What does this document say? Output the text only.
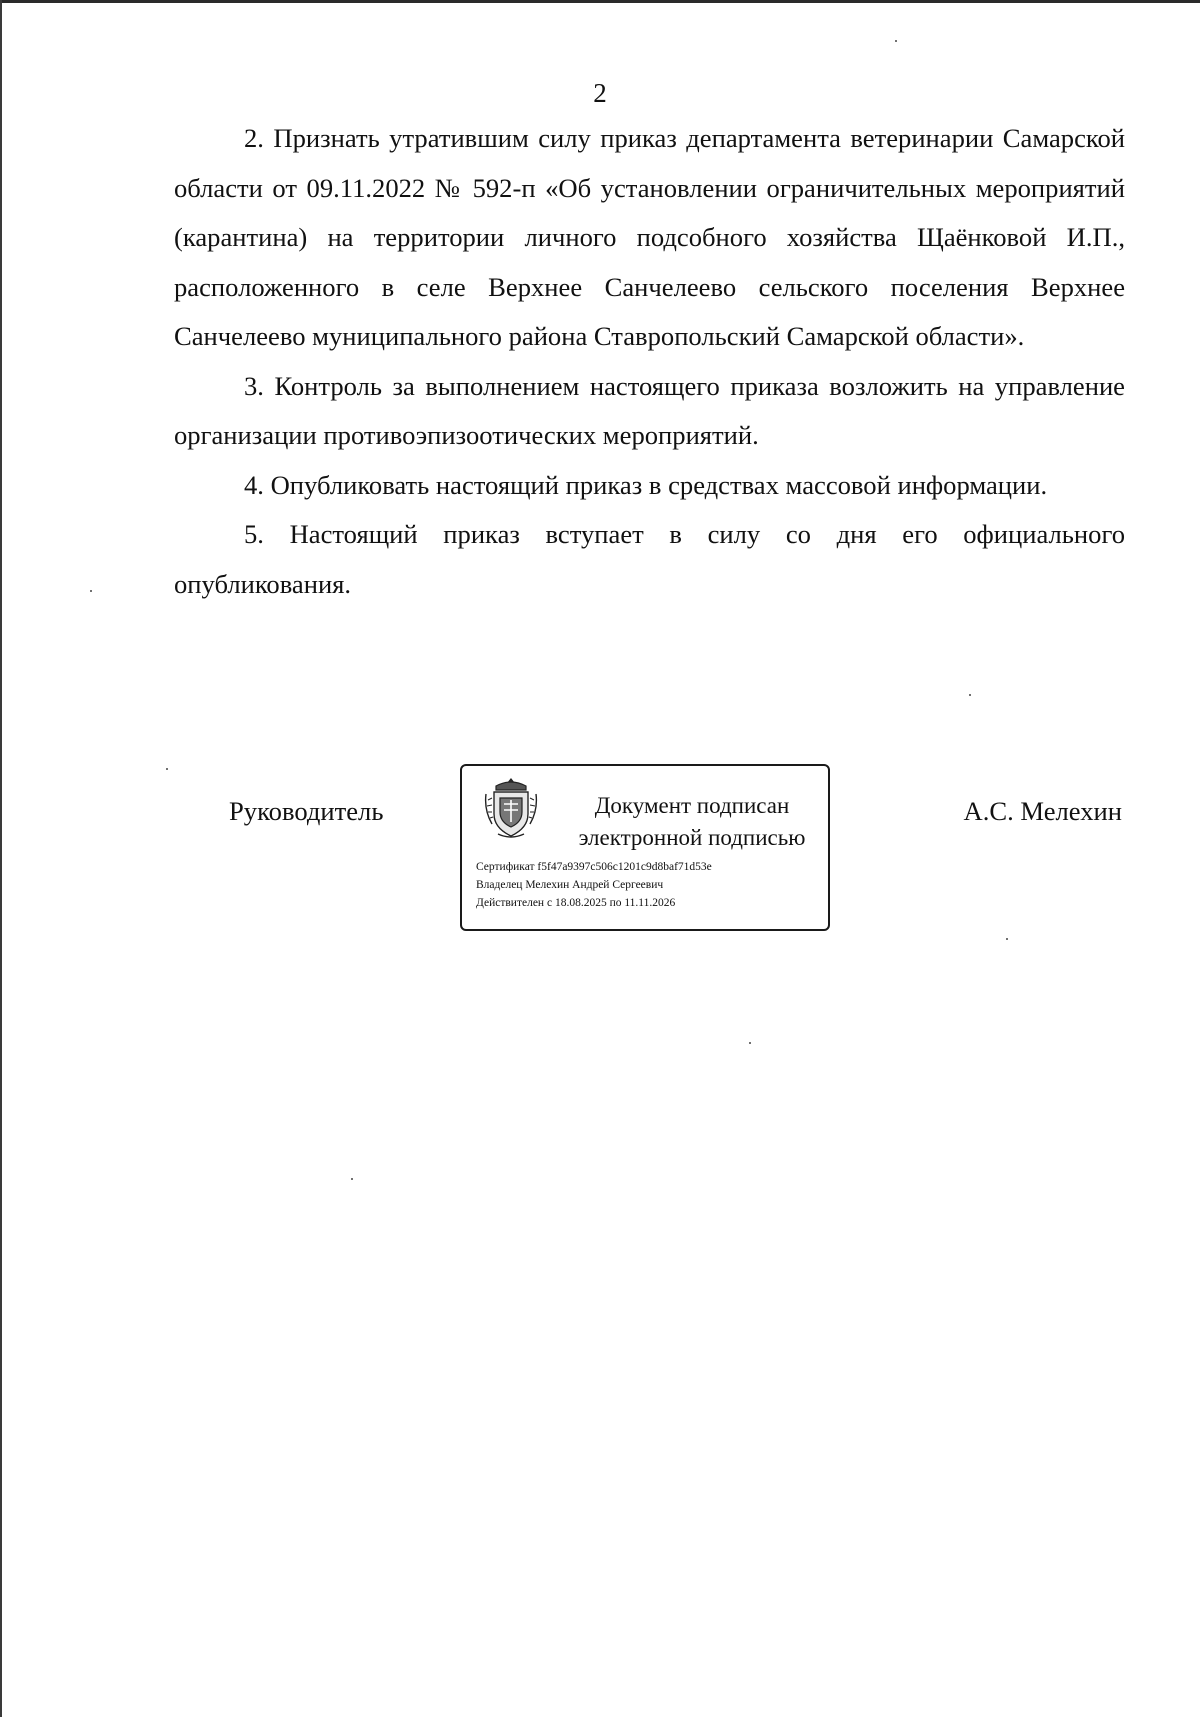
2

2. Признать утратившим силу приказ департамента ветеринарии Самарской области от 09.11.2022 № 592-п «Об установлении ограничительных мероприятий (карантина) на территории личного подсобного хозяйства Щаёнковой И.П., расположенного в селе Верхнее Санчелеево сельского поселения Верхнее Санчелеево муниципального района Ставропольский Самарской области».

3. Контроль за выполнением настоящего приказа возложить на управление организации противоэпизоотических мероприятий.

4. Опубликовать настоящий приказ в средствах массовой информации.

5. Настоящий приказ вступает в силу со дня его официального опубликования.

Руководитель	Документ подписан
электронной подписью
Сертификат f5f47a9397c506c1201c9d8baf71d53e
Владелец Мелехин Андрей Сергеевич
Действителен с 18.08.2025 по 11.11.2026
А.С. Мелехин
